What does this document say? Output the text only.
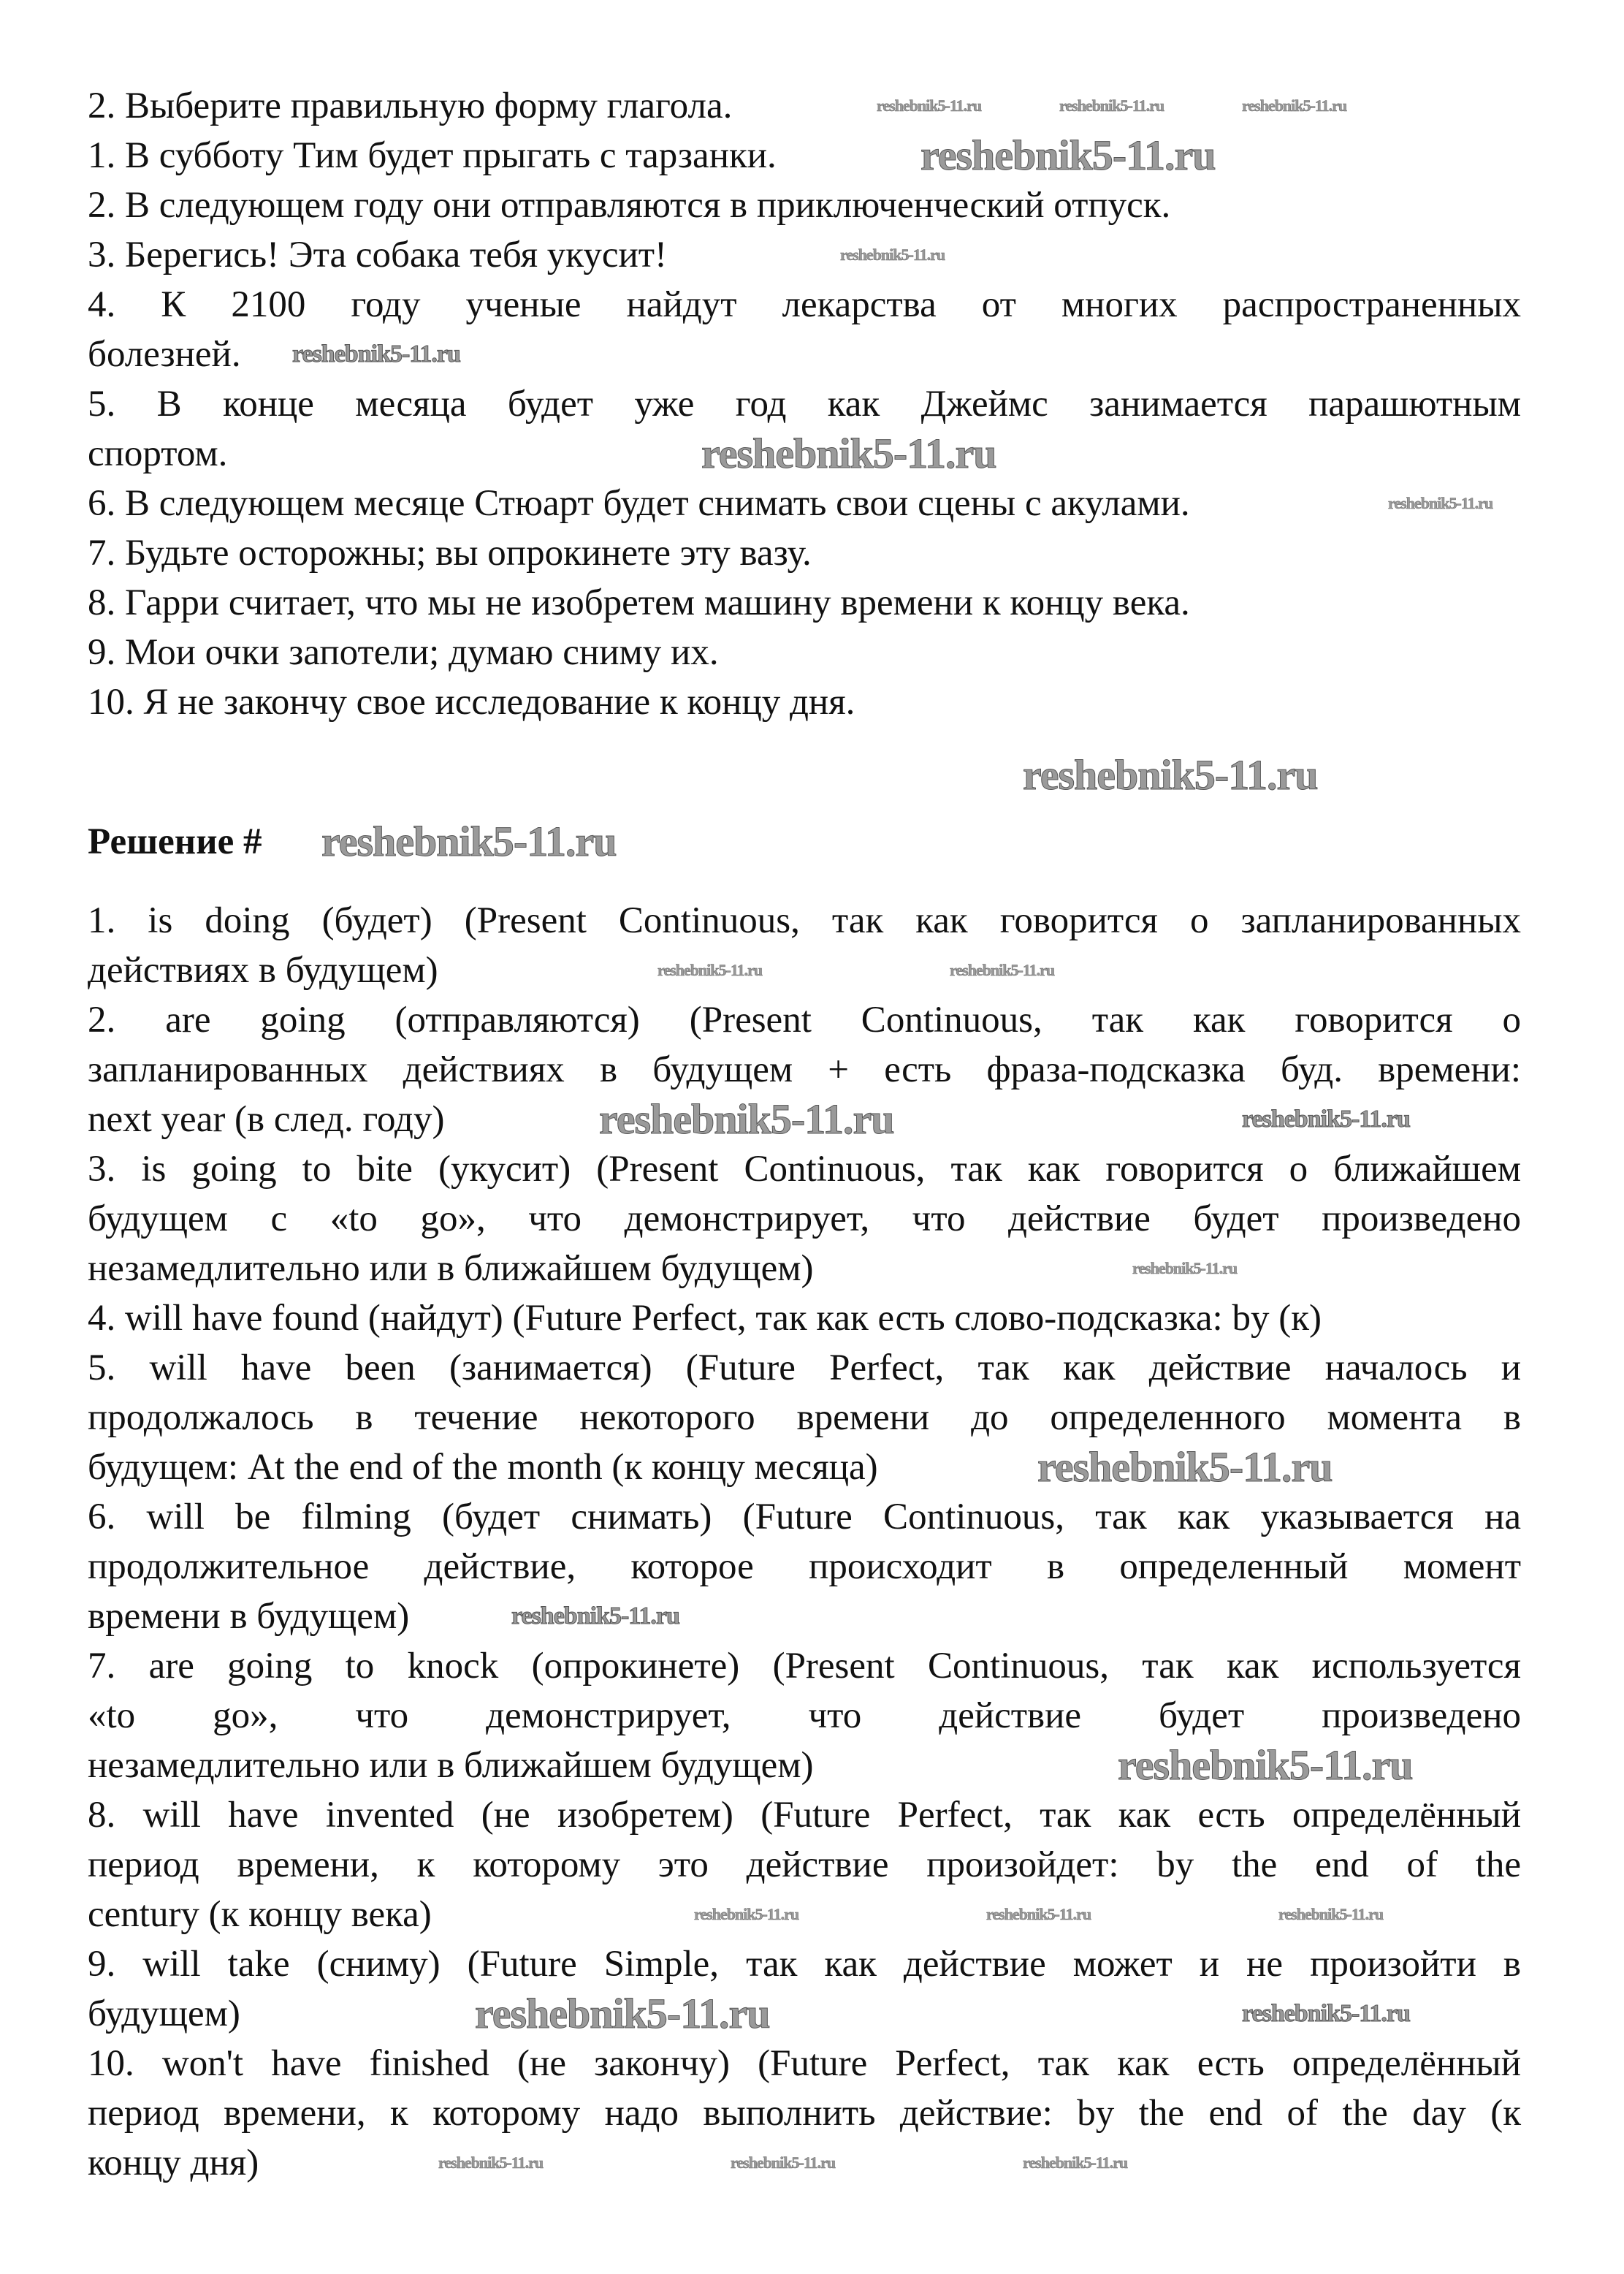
2. Выберите правильную форму глагола.
1. В субботу Тим будет прыгать с тарзанки.
2. В следующем году они отправляются в приключенческий отпуск.
3. Берегись! Эта собака тебя укусит!
4. К 2100 году ученые найдут лекарства от многих распространенных
болезней.
5. В конце месяца будет уже год как Джеймс занимается парашютным
спортом.
6. В следующем месяце Стюарт будет снимать свои сцены с акулами.
7. Будьте осторожны; вы опрокинете эту вазу.
8. Гарри считает, что мы не изобретем машину времени к концу века.
9. Мои очки запотели; думаю сниму их.
10. Я не закончу свое исследование к концу дня.
1. is doing (будет) (Present Continuous, так как говорится о запланированных
действиях в будущем)
2. are going (отправляются) (Present Continuous, так как говорится о
запланированных действиях в будущем + есть фраза-подсказка буд. времени:
next year (в след. году)
3. is going to bite (укусит) (Present Continuous, так как говорится о ближайшем
будущем с «to go», что демонстрирует, что действие будет произведено
незамедлительно или в ближайшем будущем)
4. will have found (найдут) (Future Perfect, так как есть слово-подсказка: by (к)
5. will have been (занимается) (Future Perfect, так как действие началось и
продолжалось в течение некоторого времени до определенного момента в
будущем: At the end of the month (к концу месяца)
6. will be filming (будет снимать) (Future Continuous, так как указывается на
продолжительное действие, которое происходит в определенный момент
времени в будущем)
7. are going to knock (опрокинете) (Present Continuous, так как используется
«to go», что демонстрирует, что действие будет произведено
незамедлительно или в ближайшем будущем)
8. will have invented (не изобретем) (Future Perfect, так как есть определённый
период времени, к которому это действие произойдет: by the end of the
century (к концу века)
9. will take (сниму) (Future Simple, так как действие может и не произойти в
будущем)
10. won't have finished (не закончу) (Future Perfect, так как есть определённый
период времени, к которому надо выполнить действие: by the end of the day (к
концу дня)
Решение #
reshebnik5-11.ru
reshebnik5-11.ru
reshebnik5-11.ru
reshebnik5-11.ru
reshebnik5-11.ru
reshebnik5-11.ru
reshebnik5-11.ru
reshebnik5-11.ru
reshebnik5-11.ru
reshebnik5-11.ru
reshebnik5-11.ru
reshebnik5-11.ru
reshebnik5-11.ru
reshebnik5-11.ru
reshebnik5-11.ru	reshebnik5-11.ru	reshebnik5-11.ru
reshebnik5-11.ru
reshebnik5-11.ru	reshebnik5-11.ru
reshebnik5-11.ru
reshebnik5-11.ru	reshebnik5-11.ru	reshebnik5-11.ru
reshebnik5-11.ru	reshebnik5-11.ru
